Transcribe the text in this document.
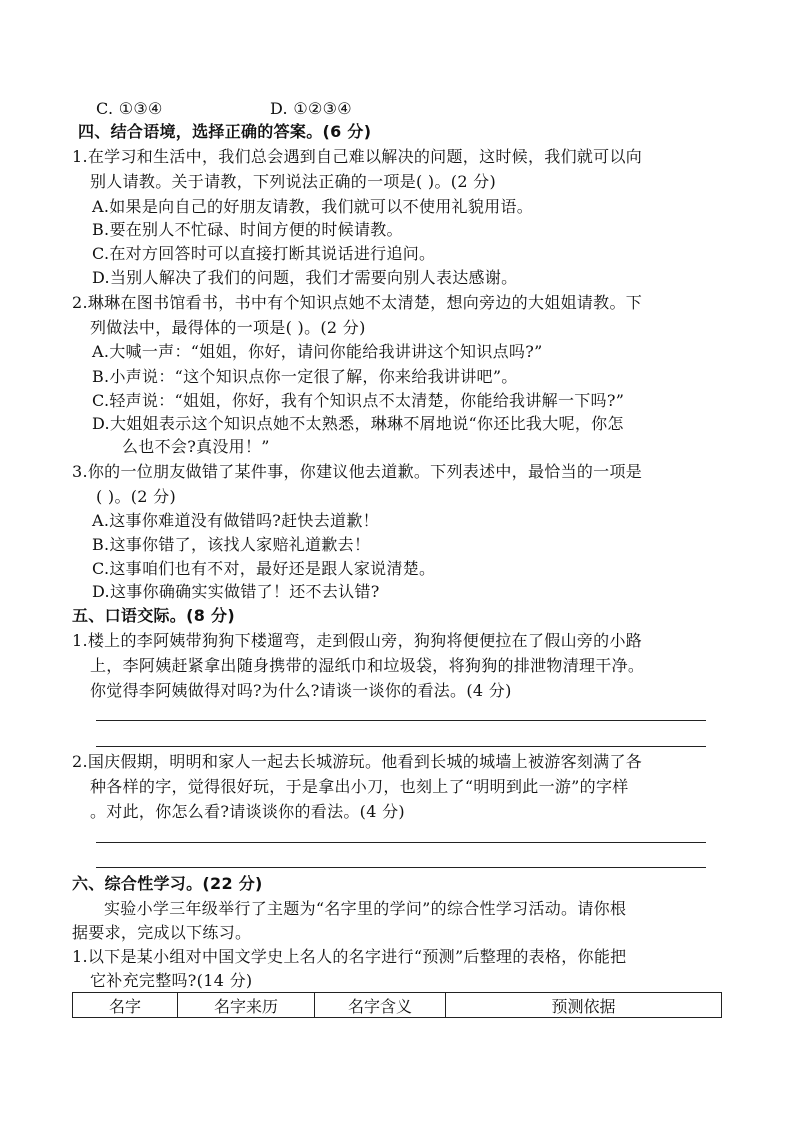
C. ①③④	D. ①②③④
四、结合语境，选择正确的答案。(6 分)
1.在学习和生活中，我们总会遇到自己难以解决的问题，这时候，我们就可以向
别人请教。关于请教，下列说法正确的一项是( )。(2 分)
A.如果是向自己的好朋友请教，我们就可以不使用礼貌用语。
B.要在别人不忙碌、时间方便的时候请教。
C.在对方回答时可以直接打断其说话进行追问。
D.当别人解决了我们的问题，我们才需要向别人表达感谢。
2.琳琳在图书馆看书，书中有个知识点她不太清楚，想向旁边的大姐姐请教。下
列做法中，最得体的一项是( )。(2 分)
A.大喊一声：“姐姐，你好，请问你能给我讲讲这个知识点吗?”
B.小声说：“这个知识点你一定很了解，你来给我讲讲吧”。
C.轻声说：“姐姐，你好，我有个知识点不太清楚，你能给我讲解一下吗?”
D.大姐姐表示这个知识点她不太熟悉，琳琳不屑地说“你还比我大呢，你怎
么也不会?真没用！”
3.你的一位朋友做错了某件事，你建议他去道歉。下列表述中，最恰当的一项是
( )。(2 分)
A.这事你难道没有做错吗?赶快去道歉！
B.这事你错了，该找人家赔礼道歉去！
C.这事咱们也有不对，最好还是跟人家说清楚。
D.这事你确确实实做错了！还不去认错?
五、口语交际。(8 分)
1.楼上的李阿姨带狗狗下楼遛弯，走到假山旁，狗狗将便便拉在了假山旁的小路
上，李阿姨赶紧拿出随身携带的湿纸巾和垃圾袋，将狗狗的排泄物清理干净。
你觉得李阿姨做得对吗?为什么?请谈一谈你的看法。(4 分)
2.国庆假期，明明和家人一起去长城游玩。他看到长城的城墙上被游客刻满了各
种各样的字，觉得很好玩，于是拿出小刀，也刻上了“明明到此一游”的字样
。对此，你怎么看?请谈谈你的看法。(4 分)
六、综合性学习。(22 分)
实验小学三年级举行了主题为“名字里的学问”的综合性学习活动。请你根
据要求，完成以下练习。
1.以下是某小组对中国文学史上名人的名字进行“预测”后整理的表格，你能把
它补充完整吗?(14 分)
名字	名字来历	名字含义	预测依据
